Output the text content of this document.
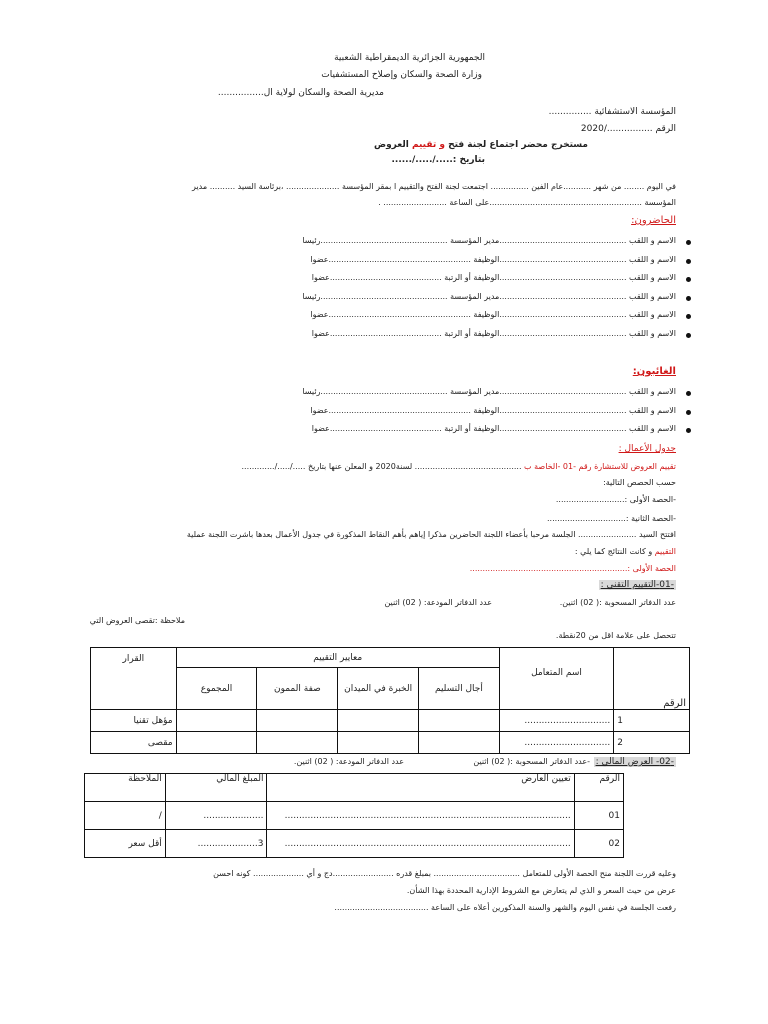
الجمهورية الجزائرية الديمقراطية الشعبية
وزارة الصحة والسكان وإصلاح المستشفيات
مديرية الصحة والسكان لولاية ال................
المؤسسة الاستشفائية ...............
الرقم ................/2020
مستخرج محضر اجتماع لجنة فتح و تقييم العروض
بتاريخ :...../...../......
في اليوم ........ من شهر ...........عام الفين ............... اجتمعت لجنة الفتح والتقييم ا بمقر المؤسسة ..................... ،برئاسة السيد .......... مدير
المؤسسة ............................................................على الساعة ......................... .
الحاضرون:
الغائبون:
جدول الأعمال :
تقييم العروض للاستشارة رقم -01 -الخاصة ب .......................................... لسنة2020 و المعلن عنها بتاريخ ...../...../.............
حسب الحصص التالية:
-الحصة الأولى :...........................
-الحصة الثانية :...............................
افتتح السيد ....................... الجلسة مرحبا بأعضاء اللجنة الحاضرين مذكرا إياهم بأهم النقاط المذكورة في جدول الأعمال بعدها باشرت اللجنة عملية
التقييم و كانت النتائج كما يلي :
الحصة الأولى :..............................................................
-01-التقييم التقني :
عدد الدفاتر المسحوبة :( 02) اثنين.
عدد الدفاتر المودعة: ( 02) اثنين
ملاحظة :تقصى العروض التي
تتحصل على علامة اقل من 20نقطة.
الرقم	اسم المتعامل	معايير التقييم				القرار
		أجال التسليم	الخبرة في الميدان	صفة الممون	المجموع	
1	..............................					مؤهل تقنيا
2	..............................					مقصى
-02- العرض المالي :
-عدد الدفاتر المسحوبة :( 02) اثنين
عدد الدفاتر المودعة: ( 02) اثنين.
الرقم	تعيين العارض	المبلغ المالي	الملاحظة
01	....................................................................................................	.....................	/
02	....................................................................................................	3.....................	أقل سعر
وعليه قررت اللجنة منح الحصة الأولى للمتعامل .................................. بمبلغ قدره ........................دج و أي .................... كونه احسن
عرض من حيث السعر و الذي لم يتعارض مع الشروط الإدارية المحددة بهذا الشأن.
رفعت الجلسة في نفس اليوم والشهر والسنة المذكورين أعلاه على الساعة .....................................
الاسم و اللقب ..................................................مدير المؤسسة ..................................................رئيسا
الاسم و اللقب ..................................................الوظيفة ........................................................عضوا
الاسم و اللقب ..................................................الوظيفة أو الرتبة ............................................عضوا
الاسم و اللقب ..................................................مدير المؤسسة ..................................................رئيسا
الاسم و اللقب ..................................................الوظيفة ........................................................عضوا
الاسم و اللقب ..................................................الوظيفة أو الرتبة ............................................عضوا
الاسم و اللقب ..................................................مدير المؤسسة ..................................................رئيسا
الاسم و اللقب ..................................................الوظيفة ........................................................عضوا
الاسم و اللقب ..................................................الوظيفة أو الرتبة ............................................عضوا
